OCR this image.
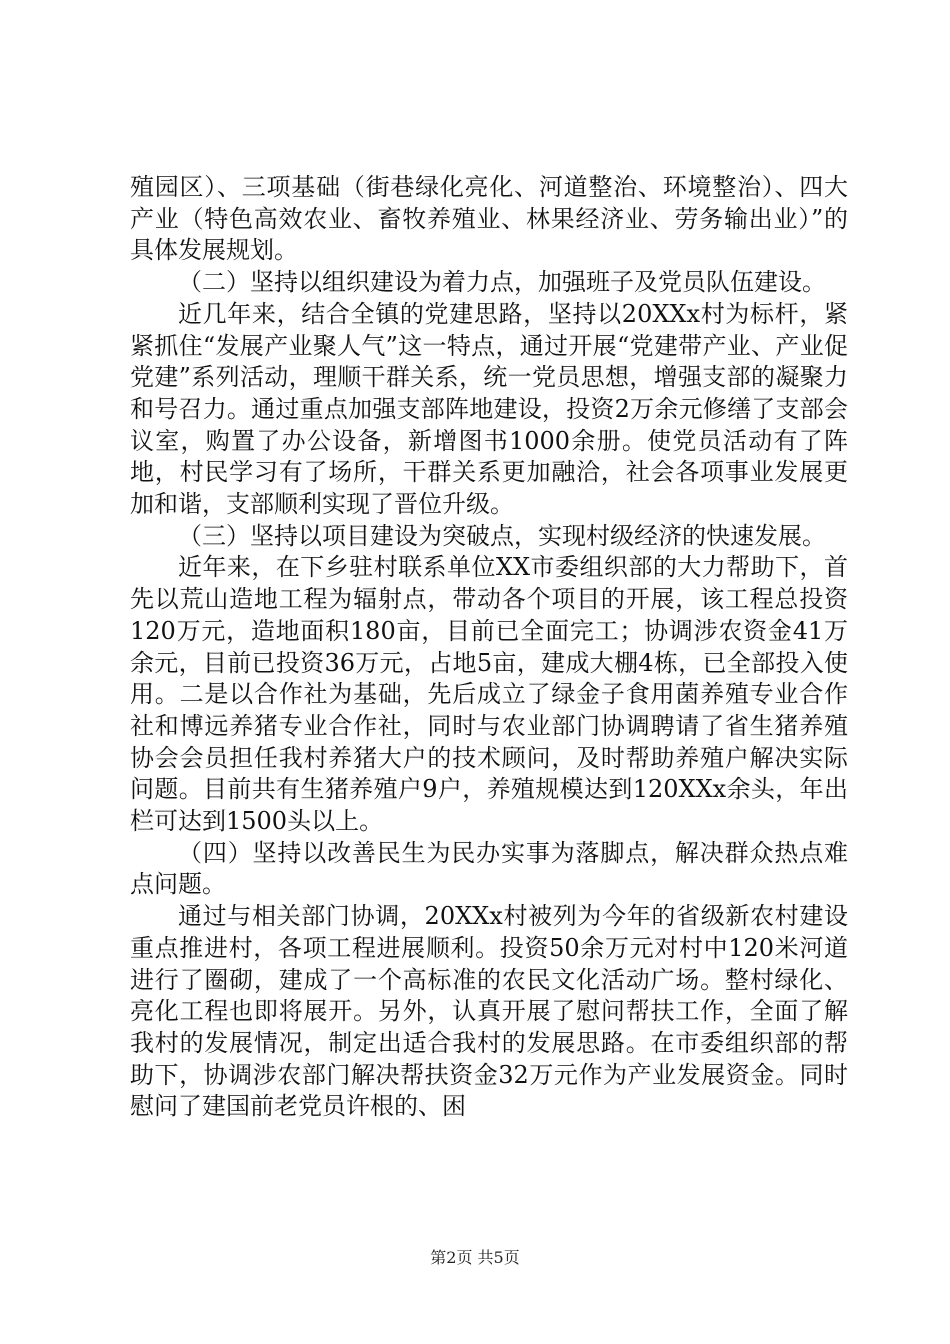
殖园区）、三项基础（街巷绿化亮化、河道整治、环境整治）、四大产业（特色高效农业、畜牧养殖业、林果经济业、劳务输出业）”的具体发展规划。

（二）坚持以组织建设为着力点，加强班子及党员队伍建设。

近几年来，结合全镇的党建思路，坚持以20XXx村为标杆，紧紧抓住“发展产业聚人气”这一特点，通过开展“党建带产业、产业促党建”系列活动，理顺干群关系，统一党员思想，增强支部的凝聚力和号召力。通过重点加强支部阵地建设，投资2万余元修缮了支部会议室，购置了办公设备，新增图书1000余册。使党员活动有了阵地，村民学习有了场所，干群关系更加融洽，社会各项事业发展更加和谐，支部顺利实现了晋位升级。

（三）坚持以项目建设为突破点，实现村级经济的快速发展。

近年来，在下乡驻村联系单位XX市委组织部的大力帮助下，首先以荒山造地工程为辐射点，带动各个项目的开展，该工程总投资120万元，造地面积180亩，目前已全面完工；协调涉农资金41万余元，目前已投资36万元，占地5亩，建成大棚4栋，已全部投入使用。二是以合作社为基础，先后成立了绿金子食用菌养殖专业合作社和博远养猪专业合作社，同时与农业部门协调聘请了省生猪养殖协会会员担任我村养猪大户的技术顾问，及时帮助养殖户解决实际问题。目前共有生猪养殖户9户，养殖规模达到120XXx余头，年出栏可达到1500头以上。

（四）坚持以改善民生为民办实事为落脚点，解决群众热点难点问题。

通过与相关部门协调，20XXx村被列为今年的省级新农村建设重点推进村，各项工程进展顺利。投资50余万元对村中120米河道进行了圈砌，建成了一个高标准的农民文化活动广场。整村绿化、亮化工程也即将展开。另外，认真开展了慰问帮扶工作，全面了解我村的发展情况，制定出适合我村的发展思路。在市委组织部的帮助下，协调涉农部门解决帮扶资金32万元作为产业发展资金。同时慰问了建国前老党员许根的、困

第2页 共5页
